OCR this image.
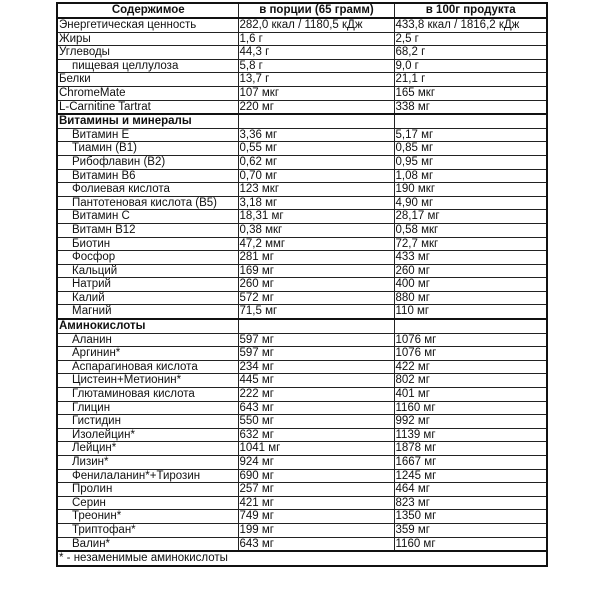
Содержимое	в порции (65 грамм)	в 100г продукта
Энергетическая ценность	282,0 ккал / 1180,5 кДж	433,8 ккал / 1816,2 кДж
Жиры	1,6 г	2,5 г
Углеводы	44,3 г	68,2 г
пищевая целлулоза	5,8 г	9,0 г
Белки	13,7 г	21,1 г
ChromeMate	107 мкг	165 мкг
L-Carnitine Tartrat	220 мг	338 мг
Витамины и минералы		
Витамин Е	3,36 мг	5,17 мг
Тиамин (В1)	0,55 мг	0,85 мг
Рибофлавин (В2)	0,62 мг	0,95 мг
Витамин В6	0,70 мг	1,08 мг
Фолиевая кислота	123 мкг	190 мкг
Пантотеновая кислота (В5)	3,18 мг	4,90 мг
Витамин С	18,31 мг	28,17 мг
Витамн В12	0,38 мкг	0,58 мкг
Биотин	47,2 ммг	72,7 мкг
Фосфор	281 мг	433 мг
Кальций	169 мг	260 мг
Натрий	260 мг	400 мг
Калий	572 мг	880 мг
Магний	71,5 мг	110 мг
Аминокислоты		
Аланин	597 мг	1076 мг
Аргинин*	597 мг	1076 мг
Аспарагиновая кислота	234 мг	422 мг
Цистеин+Метионин*	445 мг	802 мг
Глютаминовая кислота	222 мг	401 мг
Глицин	643 мг	1160 мг
Гистидин	550 мг	992 мг
Изолейцин*	632 мг	1139 мг
Лейцин*	1041 мг	1878 мг
Лизин*	924 мг	1667 мг
Фенилаланин*+Тирозин	690 мг	1245 мг
Пролин	257 мг	464 мг
Серин	421 мг	823 мг
Треонин*	749 мг	1350 мг
Триптофан*	199 мг	359 мг
Валин*	643 мг	1160 мг
* - незаменимые аминокислоты		
